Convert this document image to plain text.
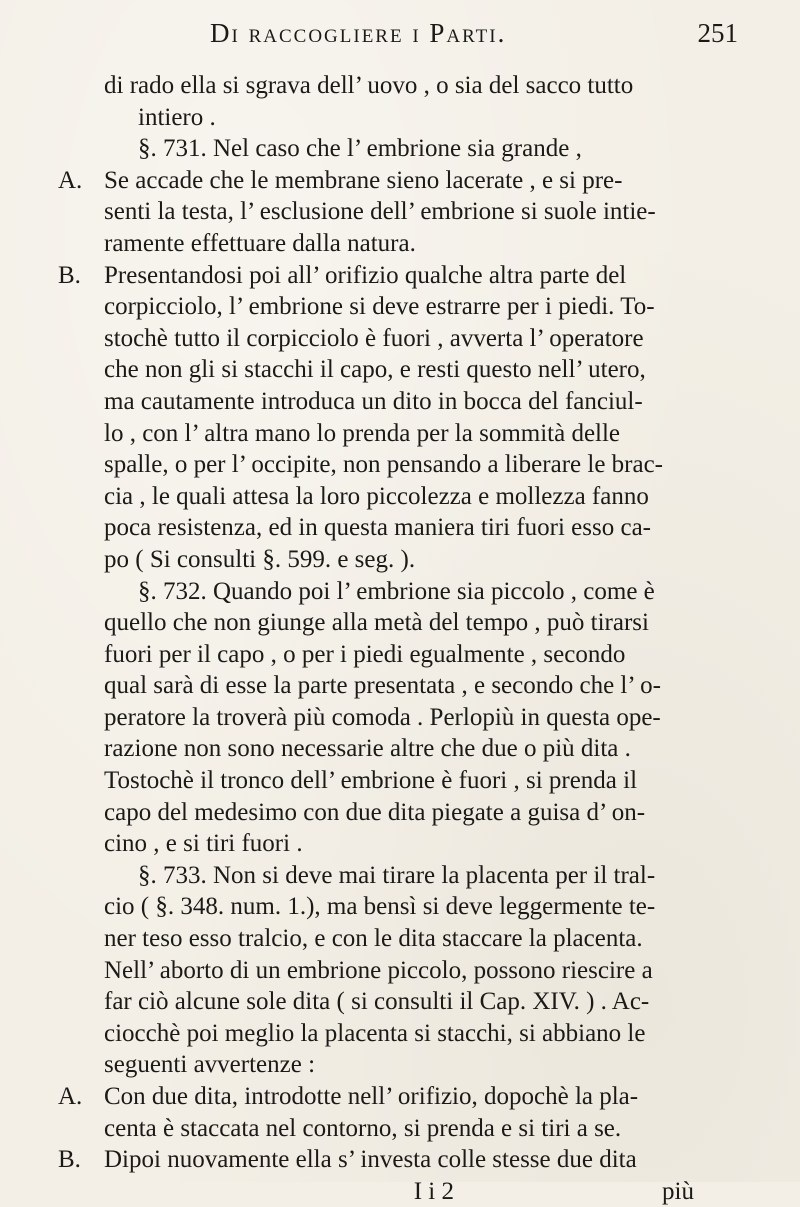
Di raccogliere i Parti.	251
di rado ella si sgrava dell’ uovo , o sia del sacco tutto
intiero .
§. 731. Nel caso che l’ embrione sia grande ,
A. Se accade che le membrane sieno lacerate , e si pre-
senti la testa, l’ esclusione dell’ embrione si suole intie-
ramente effettuare dalla natura.
B. Presentandosi poi all’ orifizio qualche altra parte del
corpicciolo, l’ embrione si deve estrarre per i piedi. To-
stochè tutto il corpicciolo è fuori , avverta l’ operatore
che non gli si stacchi il capo, e resti questo nell’ utero,
ma cautamente introduca un dito in bocca del fanciul-
lo , con l’ altra mano lo prenda per la sommità delle
spalle, o per l’ occipite, non pensando a liberare le brac-
cia , le quali attesa la loro piccolezza e mollezza fanno
poca resistenza, ed in questa maniera tiri fuori esso ca-
po ( Si consulti §. 599. e seg. ).
§. 732. Quando poi l’ embrione sia piccolo , come è
quello che non giunge alla metà del tempo , può tirarsi
fuori per il capo , o per i piedi egualmente , secondo
qual sarà di esse la parte presentata , e secondo che l’ o-
peratore la troverà più comoda . Perlopiù in questa ope-
razione non sono necessarie altre che due o più dita .
Tostochè il tronco dell’ embrione è fuori , si prenda il
capo del medesimo con due dita piegate a guisa d’ on-
cino , e si tiri fuori .
§. 733. Non si deve mai tirare la placenta per il tral-
cio ( §. 348. num. 1.), ma bensì si deve leggermente te-
ner teso esso tralcio, e con le dita staccare la placenta.
Nell’ aborto di un embrione piccolo, possono riescire a
far ciò alcune sole dita ( si consulti il Cap. XIV. ) . Ac-
ciocchè poi meglio la placenta si stacchi, si abbiano le
seguenti avvertenze :
A. Con due dita, introdotte nell’ orifizio, dopochè la pla-
centa è staccata nel contorno, si prenda e si tiri a se.
B. Dipoi nuovamente ella s’ investa colle stesse due dita
I i 2	più
